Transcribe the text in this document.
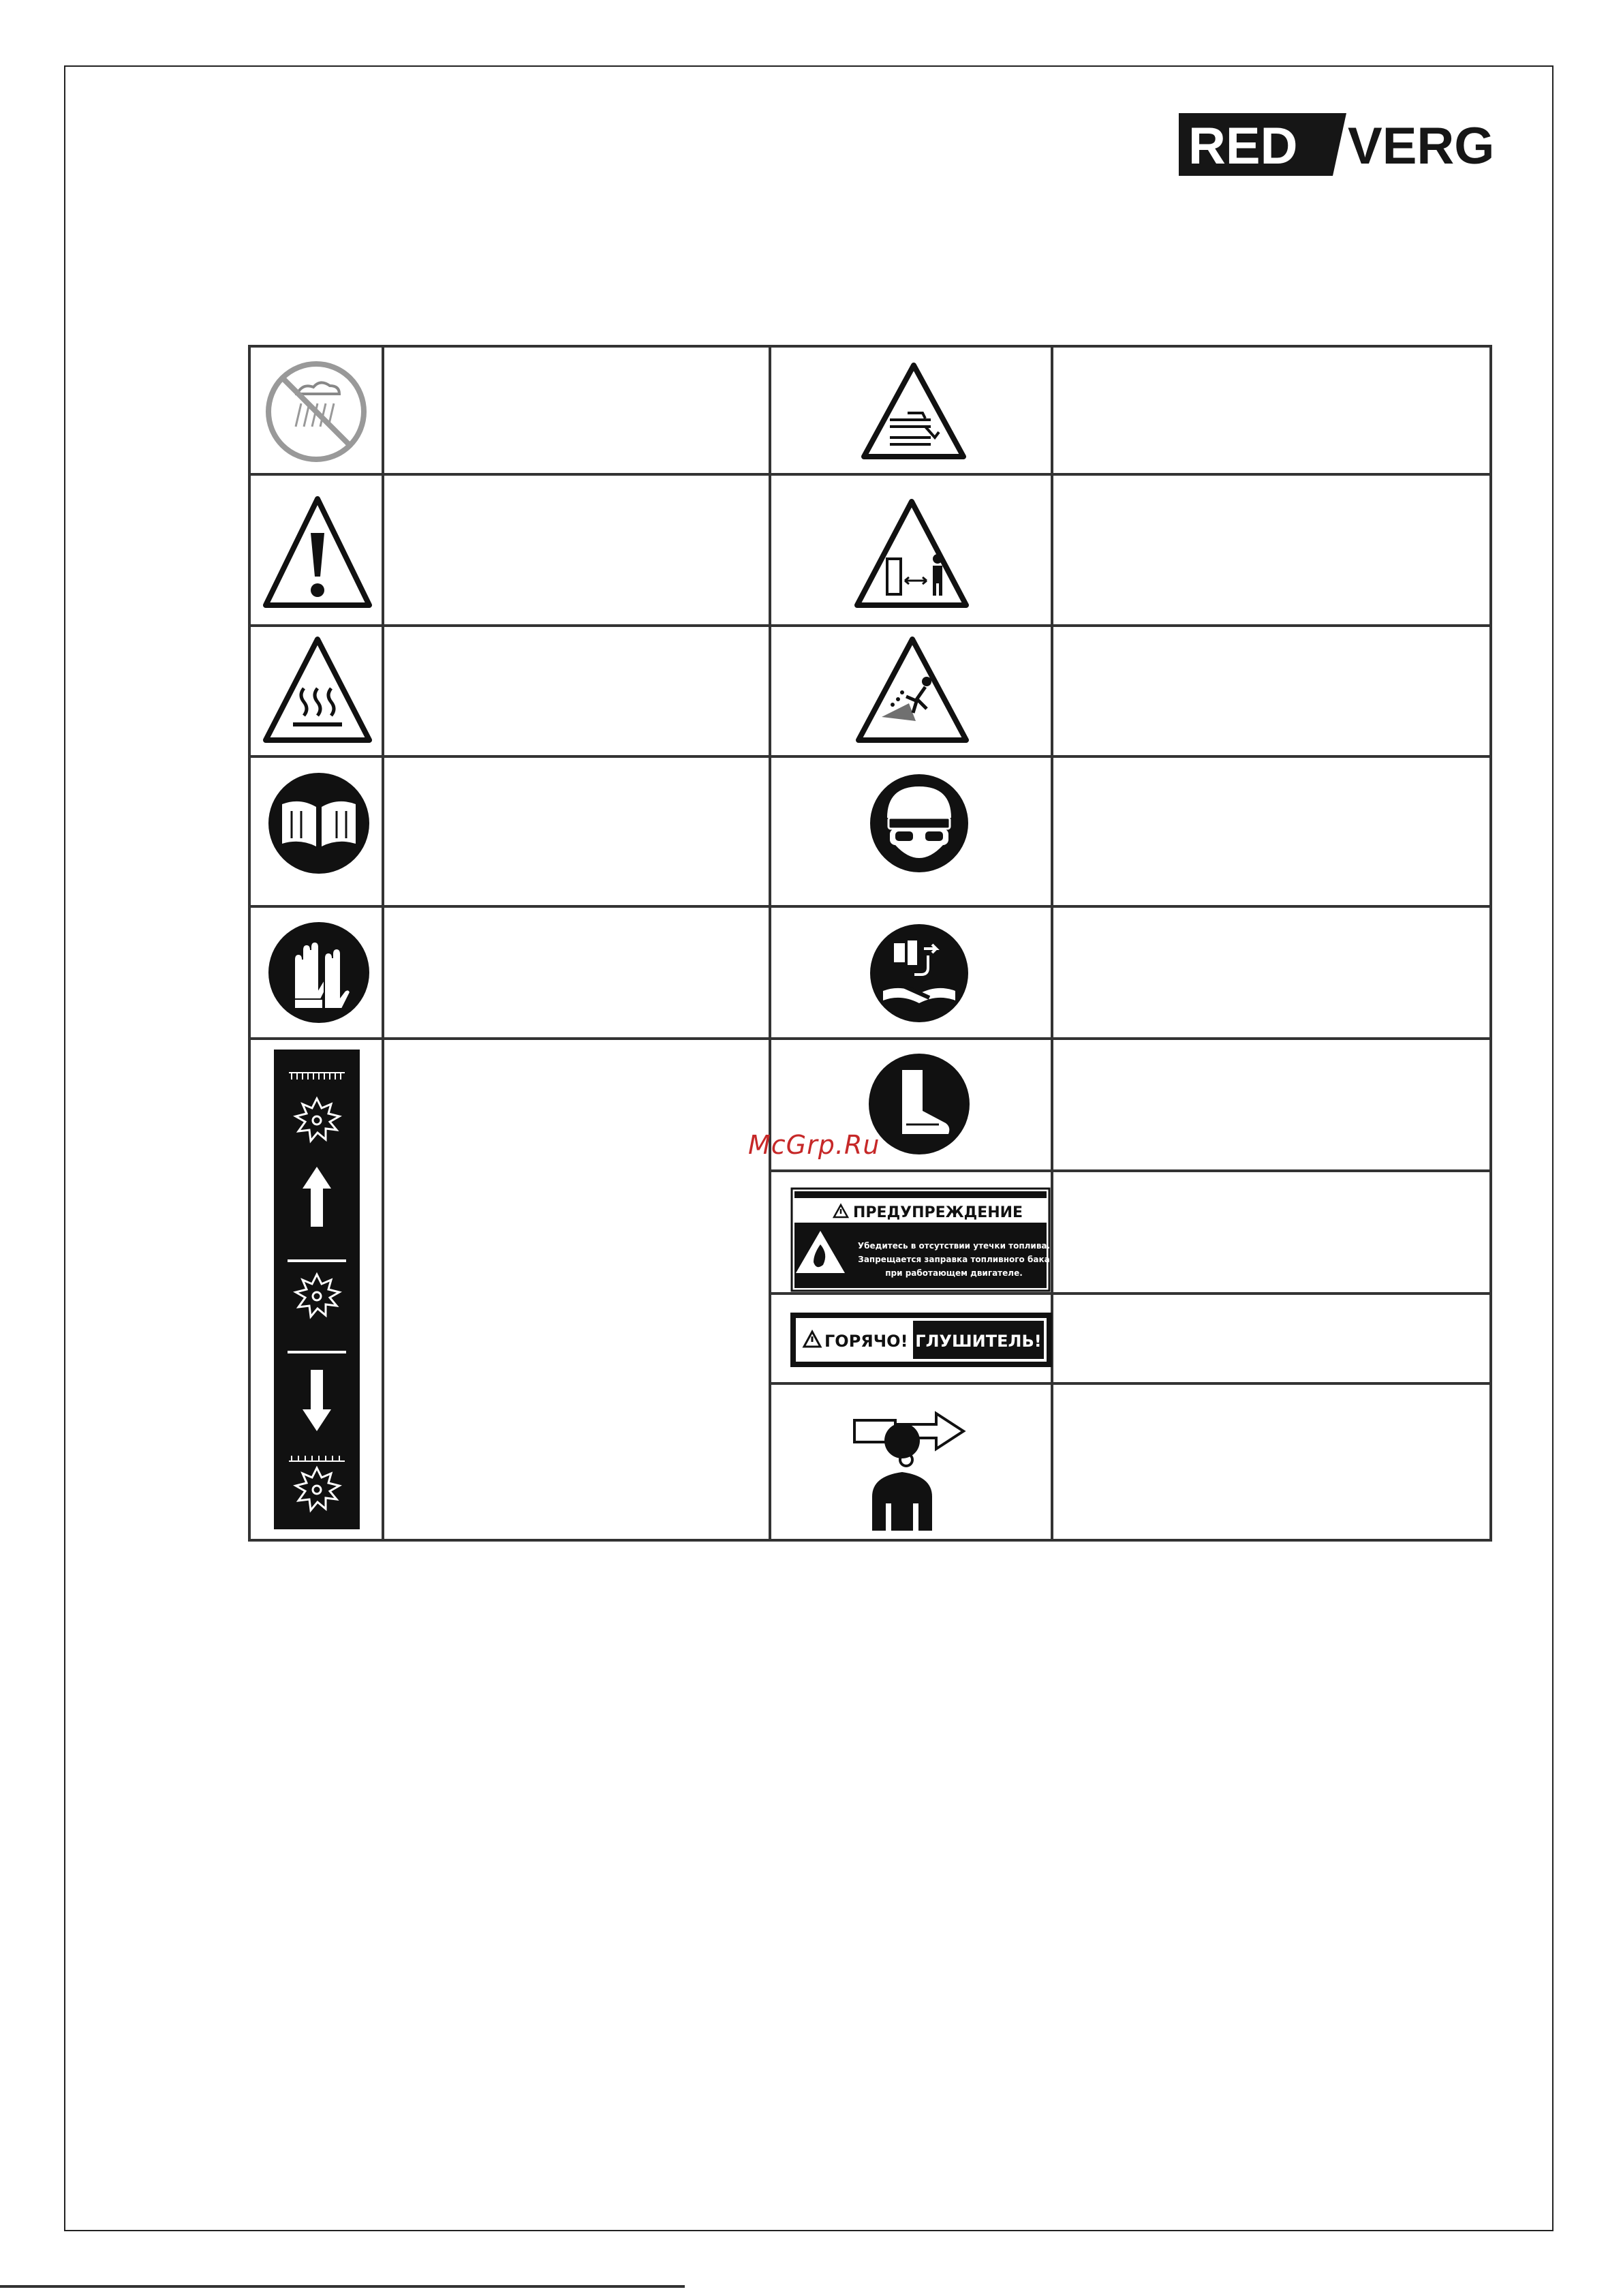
RED VERG
ПРЕДУПРЕЖДЕНИЕ
Убедитесь в отсутствии утечки топлива.
Запрещается заправка топливного бака
при работающем двигателе.
ГОРЯЧО! ГЛУШИТЕЛЬ!
McGrp.Ru
